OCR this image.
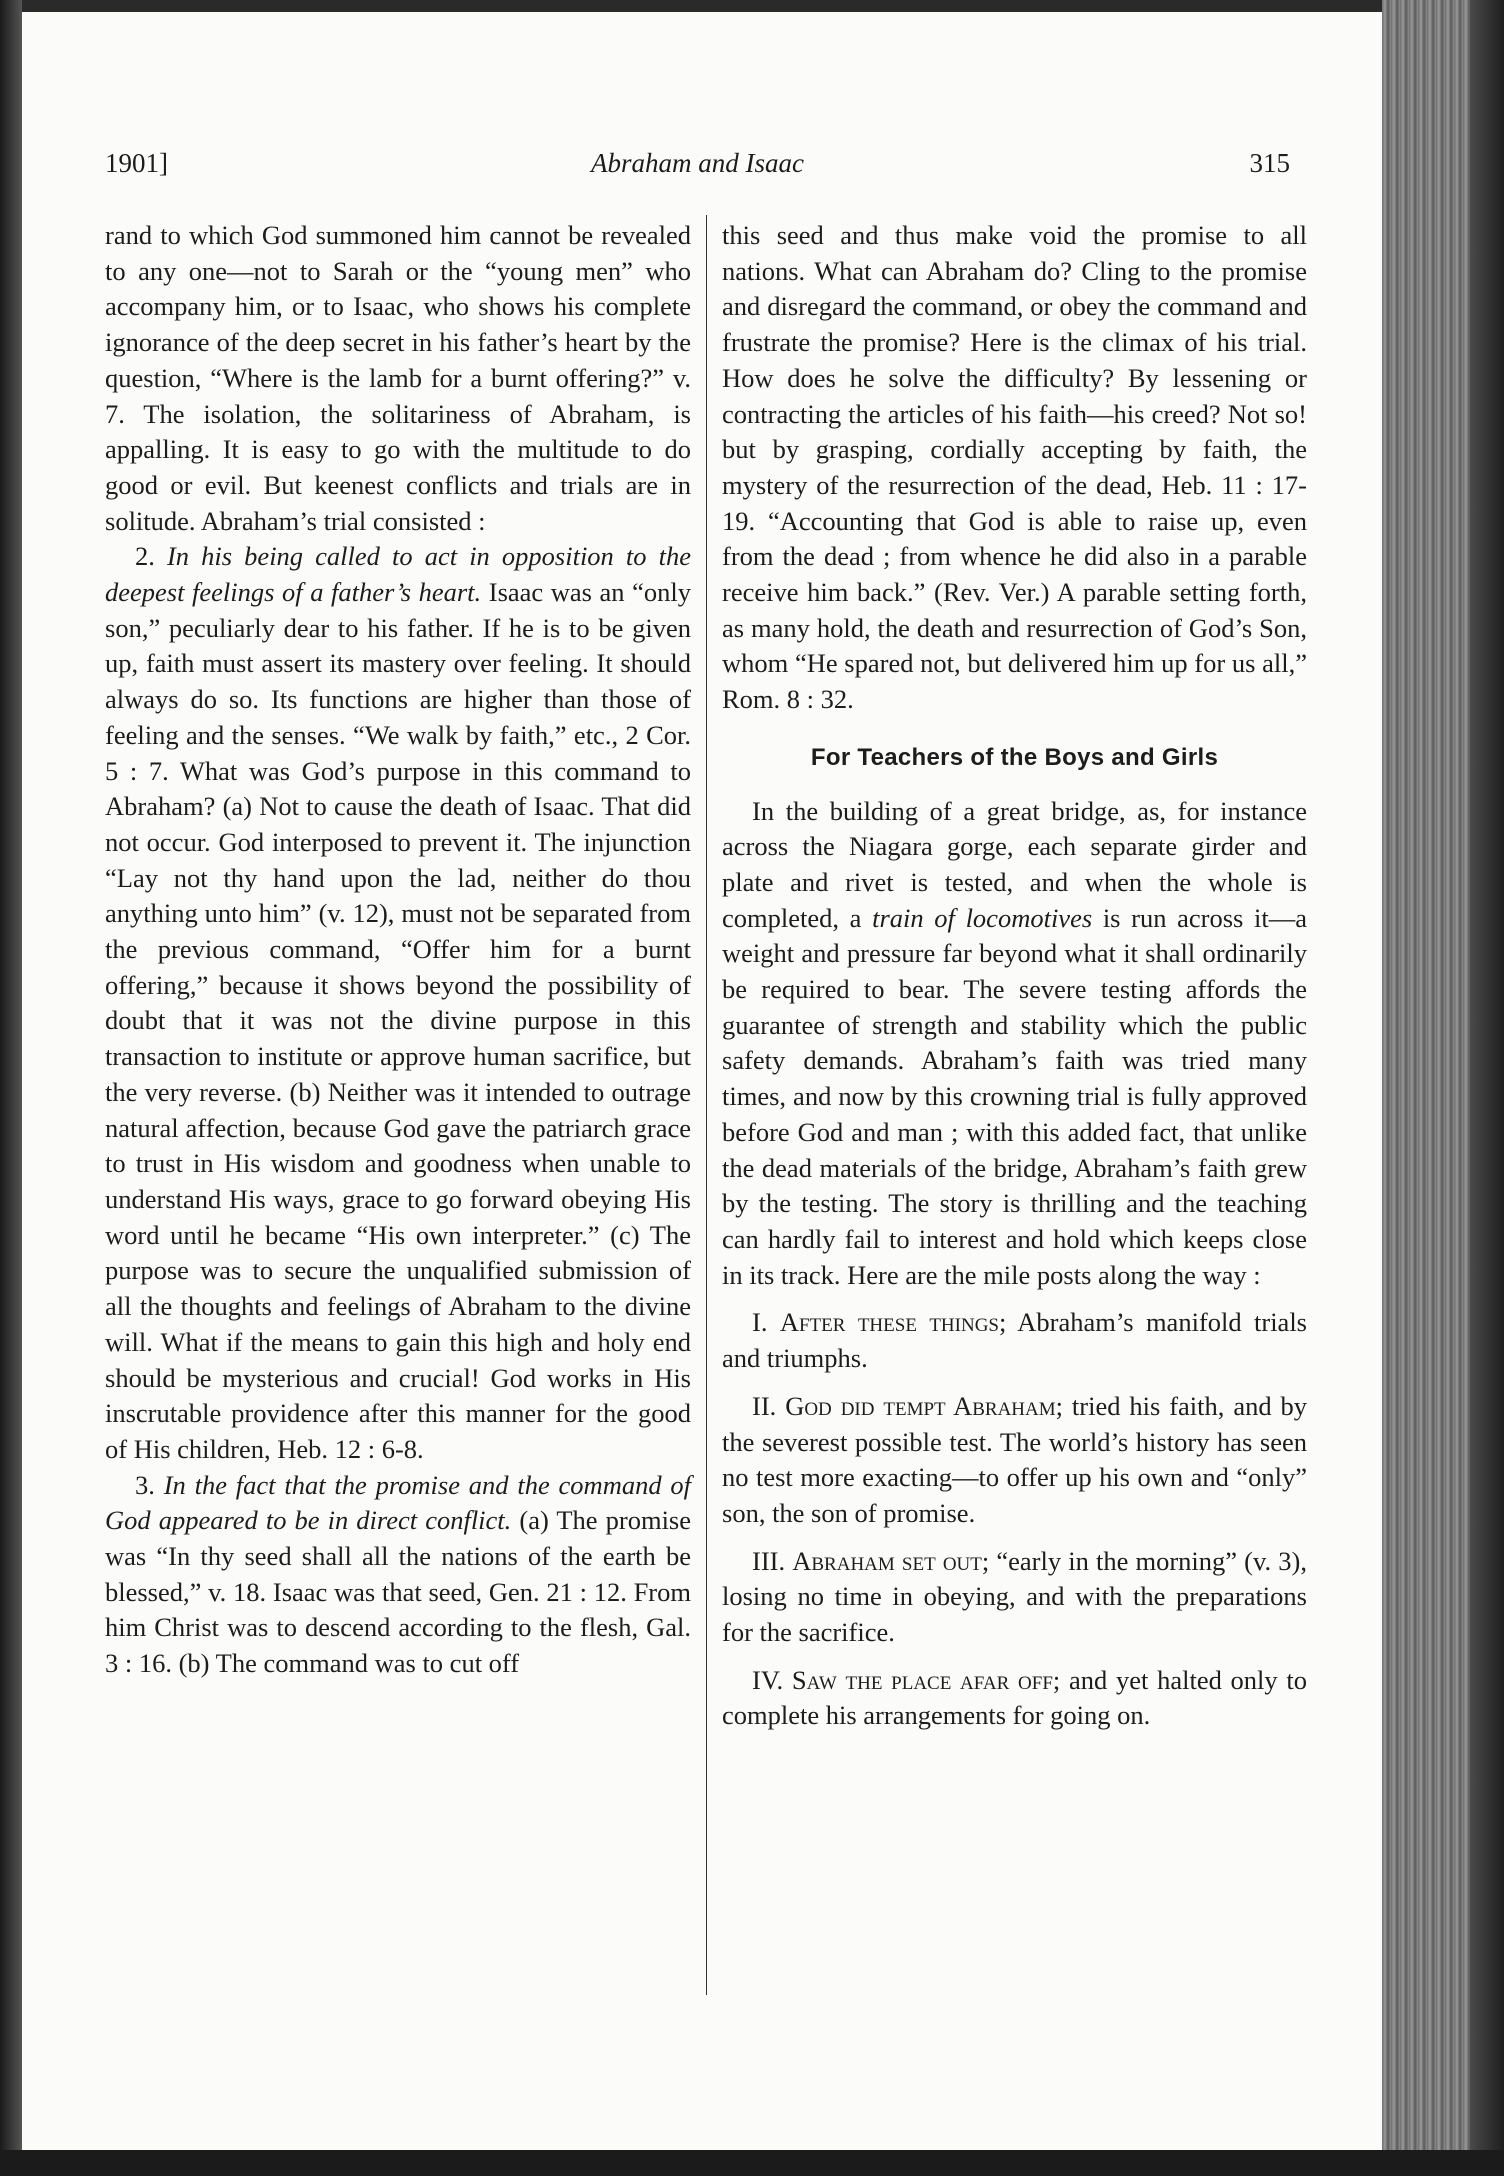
1901]	Abraham and Isaac	315

rand to which God summoned him cannot be revealed to any one—not to Sarah or the “young men” who accompany him, or to Isaac, who shows his complete ignorance of the deep secret in his father’s heart by the question, “Where is the lamb for a burnt offering?” v. 7. The isolation, the solitariness of Abraham, is appalling. It is easy to go with the multitude to do good or evil. But keenest conflicts and trials are in solitude. Abraham’s trial consisted :

2. In his being called to act in opposition to the deepest feelings of a father’s heart. Isaac was an “only son,” peculiarly dear to his father. If he is to be given up, faith must assert its mastery over feeling. It should always do so. Its functions are higher than those of feeling and the senses. “We walk by faith,” etc., 2 Cor. 5 : 7. What was God’s purpose in this command to Abraham? (a) Not to cause the death of Isaac. That did not occur. God interposed to prevent it. The injunction “Lay not thy hand upon the lad, neither do thou anything unto him” (v. 12), must not be separated from the previous command, “Offer him for a burnt offering,” because it shows beyond the possibility of doubt that it was not the divine purpose in this transaction to institute or approve human sacrifice, but the very reverse. (b) Neither was it intended to outrage natural affection, because God gave the patriarch grace to trust in His wisdom and goodness when unable to understand His ways, grace to go forward obeying His word until he became “His own interpreter.” (c) The purpose was to secure the unqualified submission of all the thoughts and feelings of Abraham to the divine will. What if the means to gain this high and holy end should be mysterious and crucial! God works in His inscrutable providence after this manner for the good of His children, Heb. 12 : 6-8.

3. In the fact that the promise and the command of God appeared to be in direct conflict. (a) The promise was “In thy seed shall all the nations of the earth be blessed,” v. 18. Isaac was that seed, Gen. 21 : 12. From him Christ was to descend according to the flesh, Gal. 3 : 16. (b) The command was to cut off

this seed and thus make void the promise to all nations. What can Abraham do? Cling to the promise and disregard the command, or obey the command and frustrate the promise? Here is the climax of his trial. How does he solve the difficulty? By lessening or contracting the articles of his faith—his creed? Not so! but by grasping, cordially accepting by faith, the mystery of the resurrection of the dead, Heb. 11 : 17-19. “Accounting that God is able to raise up, even from the dead ; from whence he did also in a parable receive him back.” (Rev. Ver.) A parable setting forth, as many hold, the death and resurrection of God’s Son, whom “He spared not, but delivered him up for us all,” Rom. 8 : 32.

For Teachers of the Boys and Girls

In the building of a great bridge, as, for instance across the Niagara gorge, each separate girder and plate and rivet is tested, and when the whole is completed, a train of locomotives is run across it—a weight and pressure far beyond what it shall ordinarily be required to bear. The severe testing affords the guarantee of strength and stability which the public safety demands. Abraham’s faith was tried many times, and now by this crowning trial is fully approved before God and man ; with this added fact, that unlike the dead materials of the bridge, Abraham’s faith grew by the testing. The story is thrilling and the teaching can hardly fail to interest and hold which keeps close in its track. Here are the mile posts along the way :

I. After these things; Abraham’s manifold trials and triumphs.

II. God did tempt Abraham; tried his faith, and by the severest possible test. The world’s history has seen no test more exacting—to offer up his own and “only” son, the son of promise.

III. Abraham set out; “early in the morning” (v. 3), losing no time in obeying, and with the preparations for the sacrifice.

IV. Saw the place afar off; and yet halted only to complete his arrangements for going on.
